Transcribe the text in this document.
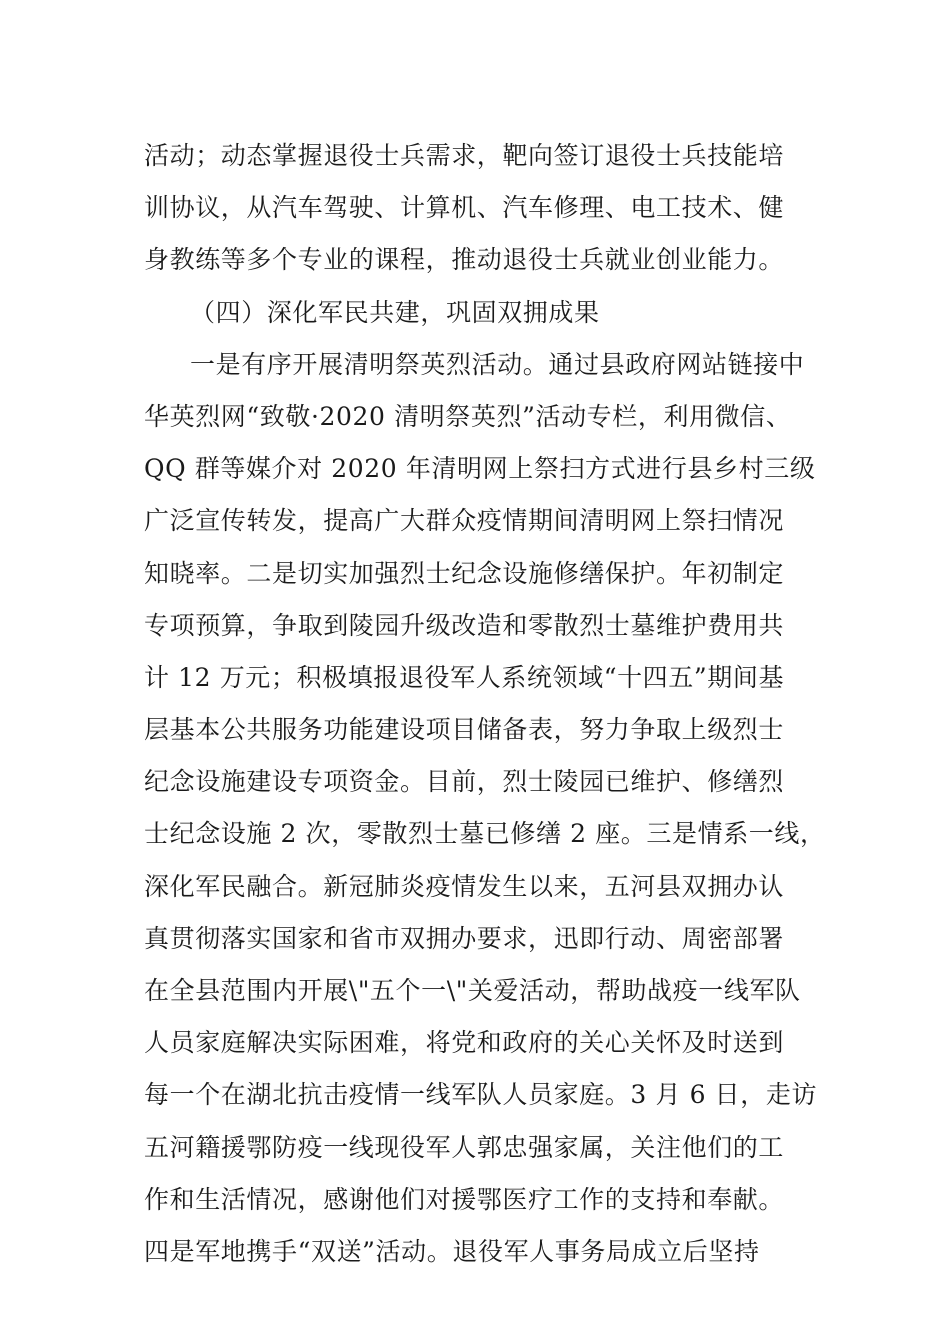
活动；动态掌握退役士兵需求，靶向签订退役士兵技能培
训协议，从汽车驾驶、计算机、汽车修理、电工技术、健
身教练等多个专业的课程，推动退役士兵就业创业能力。
（四）深化军民共建，巩固双拥成果
一是有序开展清明祭英烈活动。通过县政府网站链接中
华英烈网“致敬·2020 清明祭英烈”活动专栏，利用微信、
QQ 群等媒介对 2020 年清明网上祭扫方式进行县乡村三级
广泛宣传转发，提高广大群众疫情期间清明网上祭扫情况
知晓率。二是切实加强烈士纪念设施修缮保护。年初制定
专项预算，争取到陵园升级改造和零散烈士墓维护费用共
计 12 万元；积极填报退役军人系统领域“十四五”期间基
层基本公共服务功能建设项目储备表，努力争取上级烈士
纪念设施建设专项资金。目前，烈士陵园已维护、修缮烈
士纪念设施 2 次，零散烈士墓已修缮 2 座。三是情系一线，
深化军民融合。新冠肺炎疫情发生以来，五河县双拥办认
真贯彻落实国家和省市双拥办要求，迅即行动、周密部署
在全县范围内开展\"五个一\"关爱活动，帮助战疫一线军队
人员家庭解决实际困难，将党和政府的关心关怀及时送到
每一个在湖北抗击疫情一线军队人员家庭。3 月 6 日，走访
五河籍援鄂防疫一线现役军人郭忠强家属，关注他们的工
作和生活情况，感谢他们对援鄂医疗工作的支持和奉献。
四是军地携手“双送”活动。退役军人事务局成立后坚持
